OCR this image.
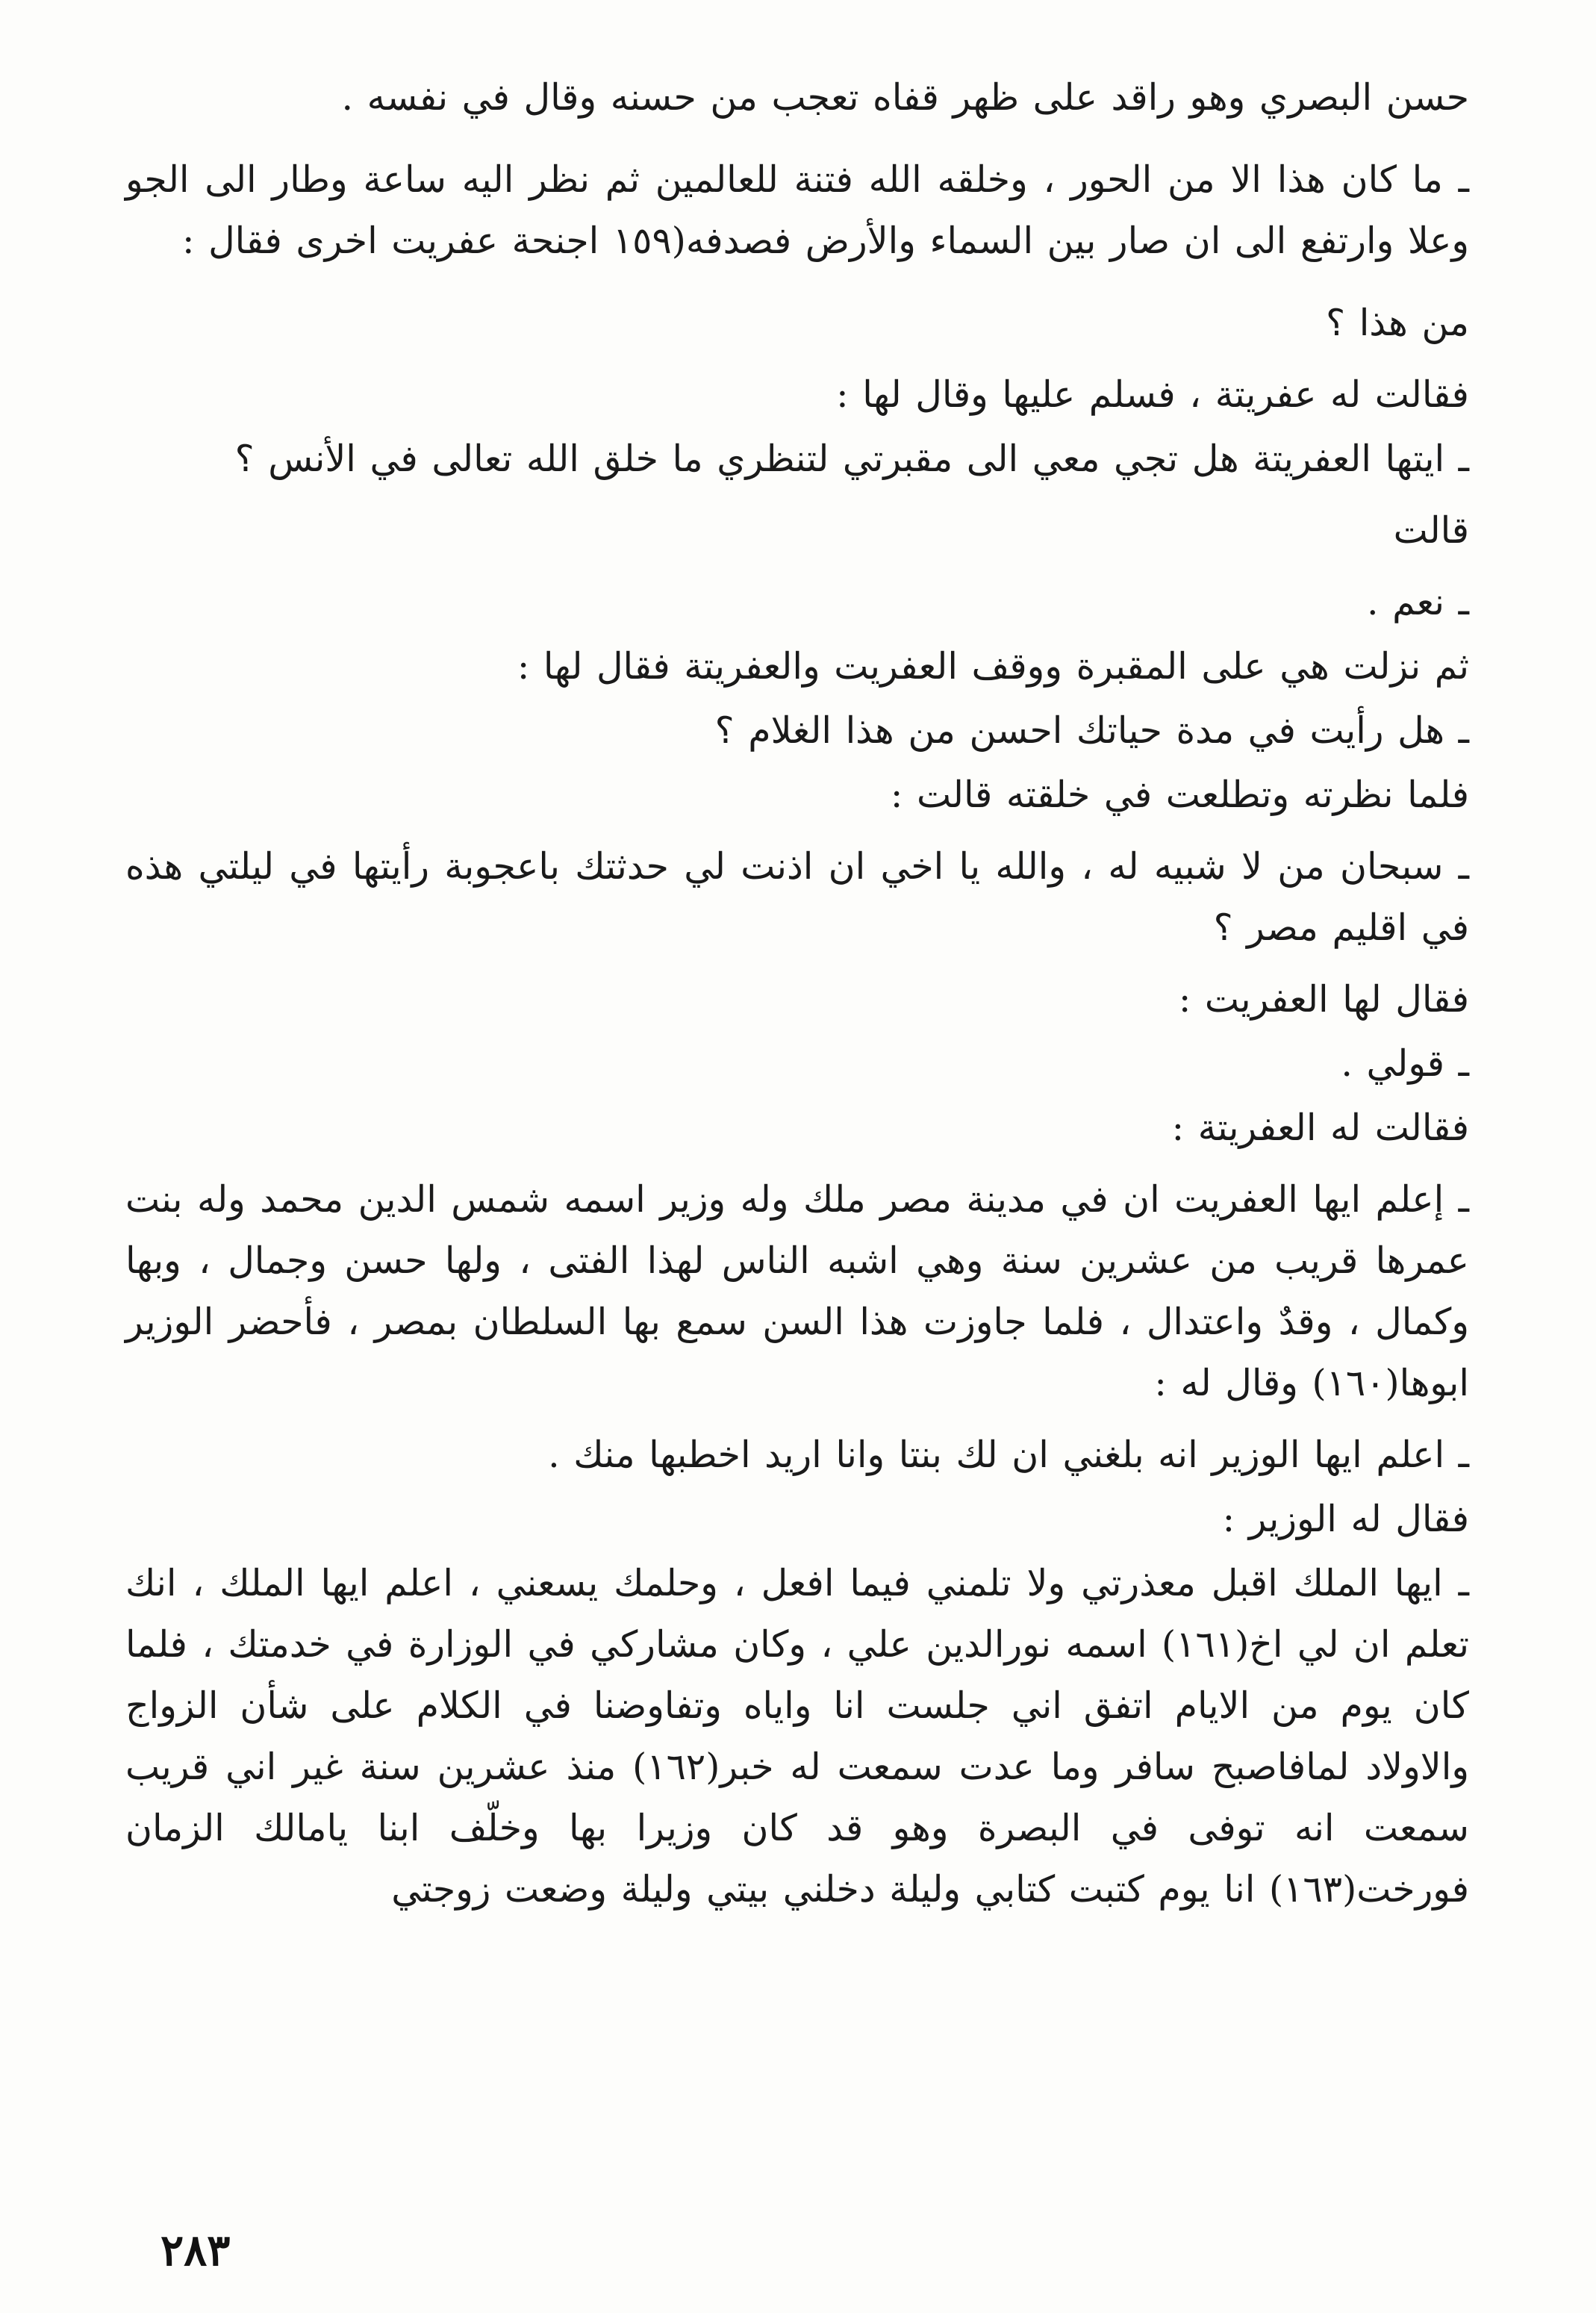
حسن البصري وهو راقد على ظهر قفاه تعجب من حسنه وقال في نفسه .

ـ ما كان هذا الا من الحور ، وخلقه الله فتنة للعالمين ثم نظر اليه ساعة وطار الى الجو وعلا وارتفع الى ان صار بين السماء والأرض فصدفه(١٥٩ اجنحة عفريت اخرى فقال :

من هذا ؟

فقالت له عفريتة ، فسلم عليها وقال لها :

ـ ايتها العفريتة هل تجي معي الى مقبرتي لتنظري ما خلق الله تعالى في الأنس ؟

قالت

ـ نعم .

ثم نزلت هي على المقبرة ووقف العفريت والعفريتة فقال لها :

ـ هل رأيت في مدة حياتك احسن من هذا الغلام ؟

فلما نظرته وتطلعت في خلقته قالت :

ـ سبحان من لا شبيه له ، والله يا اخي ان اذنت لي حدثتك باعجوبة رأيتها في ليلتي هذه في اقليم مصر ؟

فقال لها العفريت :

ـ قولي .

فقالت له العفريتة :

ـ إعلم ايها العفريت ان في مدينة مصر ملك وله وزير اسمه شمس الدين محمد وله بنت عمرها قريب من عشرين سنة وهي اشبه الناس لهذا الفتى ، ولها حسن وجمال ، وبها وكمال ، وقدٌ واعتدال ، فلما جاوزت هذا السن سمع بها السلطان بمصر ، فأحضر الوزير ابوها(١٦٠) وقال له :

ـ اعلم ايها الوزير انه بلغني ان لك بنتا وانا اريد اخطبها منك .

فقال له الوزير :

ـ ايها الملك اقبل معذرتي ولا تلمني فيما افعل ، وحلمك يسعني ، اعلم ايها الملك ، انك تعلم ان لي اخ(١٦١) اسمه نورالدين علي ، وكان مشاركي في الوزارة في خدمتك ، فلما كان يوم من الايام اتفق اني جلست انا واياه وتفاوضنا في الكلام على شأن الزواج والاولاد لمافاصبح سافر وما عدت سمعت له خبر(١٦٢) منذ عشرين سنة غير اني قريب سمعت انه توفى في البصرة وهو قد كان وزيرا بها وخلّف ابنا يامالك الزمان فورخت(١٦٣) انا يوم كتبت كتابي وليلة دخلني بيتي وليلة وضعت زوجتي

٢٨٣
